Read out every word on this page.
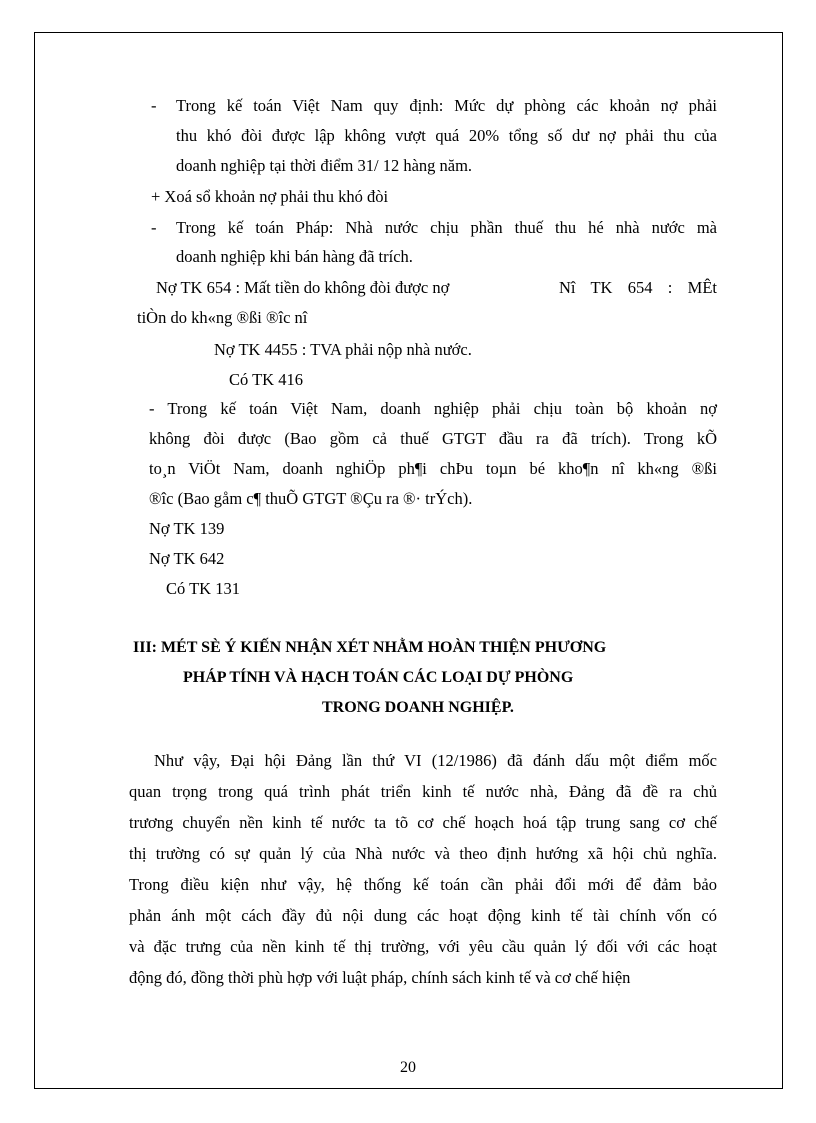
- Trong kế toán Việt Nam quy định: Mức dự phòng các khoản nợ phải
thu khó đòi được lập không vượt quá 20% tổng số dư nợ phải thu của
doanh nghiệp tại thời điểm 31/ 12 hàng năm.
+ Xoá sổ khoản nợ phải thu khó đòi
- Trong kế toán Pháp: Nhà nước chịu phần thuế thu hé nhà nước mà
doanh nghiệp khi bán hàng đã trích.
Nợ TK 654 : Mất tiền do không đòi được nợ	Nî TK 654 : MÊt
tiÒn do kh«ng ®ßi ®îc nî
Nợ TK 4455 : TVA phải nộp nhà nước.
Có TK 416
- Trong kế toán Việt Nam, doanh nghiệp phải chịu toàn bộ khoản nợ
không đòi được (Bao gồm cả thuế GTGT đầu ra đã trích). Trong kÕ
to¸n ViÖt Nam, doanh nghiÖp ph¶i chÞu toµn bé kho¶n nî kh«ng ®ßi
®îc (Bao gåm c¶ thuÕ GTGT ®Çu ra ®· trÝch).
Nợ TK 139
Nợ TK 642
Có TK 131
III: MÉT SÈ Ý KIẾN NHẬN XÉT NHẰM HOÀN THIỆN PHƯƠNG
PHÁP TÍNH VÀ HẠCH TOÁN CÁC LOẠI DỰ PHÒNG
TRONG DOANH NGHIỆP.
Như vậy, Đại hội Đảng lần thứ VI (12/1986) đã đánh dấu một điểm mốc
quan trọng trong quá trình phát triển kinh tế nước nhà, Đảng đã đề ra chủ
trương chuyển nền kinh tế nước ta tõ cơ chế hoạch hoá tập trung sang cơ chế
thị trường có sự quản lý của Nhà nước và theo định hướng xã hội chủ nghĩa.
Trong điều kiện như vậy, hệ thống kế toán cần phải đổi mới để đảm bảo
phản ánh một cách đầy đủ nội dung các hoạt động kinh tế tài chính vốn có
và đặc trưng của nền kinh tế thị trường, với yêu cầu quản lý đối với các hoạt
động đó, đồng thời phù hợp với luật pháp, chính sách kinh tế và cơ chế hiện
20
